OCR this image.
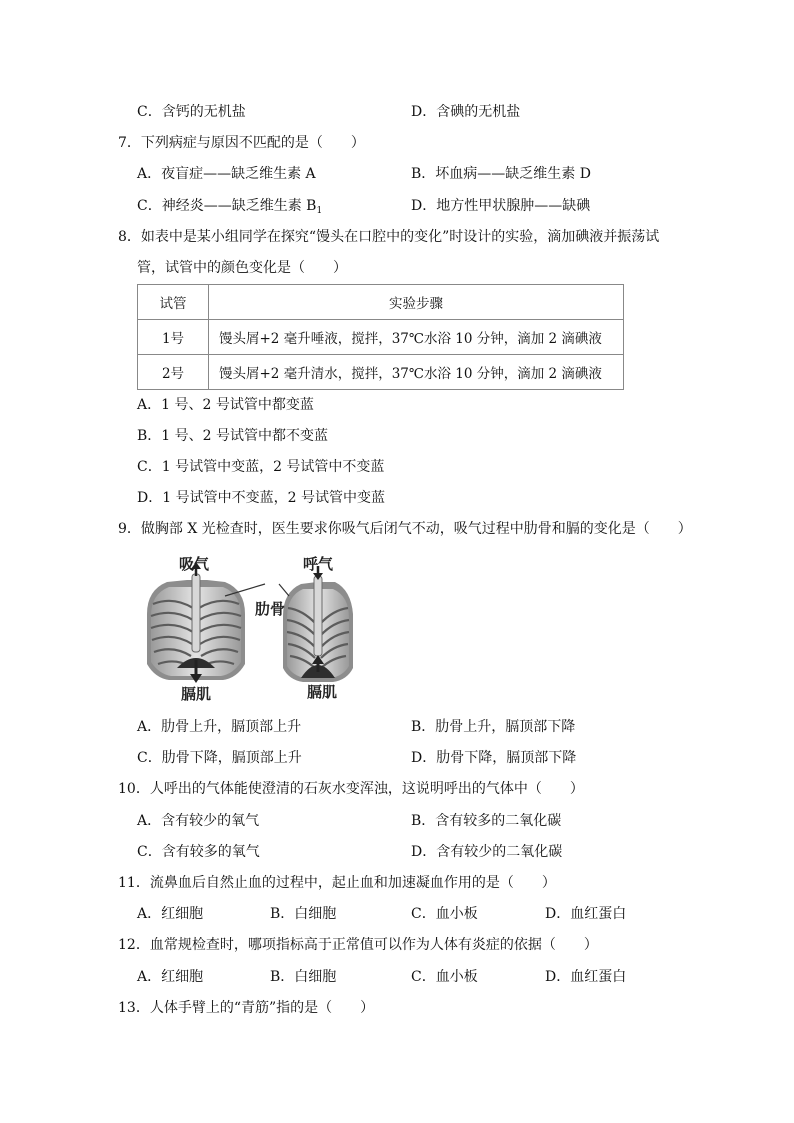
C．含钙的无机盐	D．含碘的无机盐
7．下列病症与原因不匹配的是（　　）
A．夜盲症——缺乏维生素 A	B．坏血病——缺乏维生素 D
C．神经炎——缺乏维生素 $B_1$	D．地方性甲状腺肿——缺碘
8．如表中是某小组同学在探究“馒头在口腔中的变化”时设计的实验，滴加碘液并振荡试
管，试管中的颜色变化是（　　）
试管	实验步骤
1号	馒头屑+2 毫升唾液，搅拌，37℃水浴 10 分钟，滴加 2 滴碘液
2号	馒头屑+2 毫升清水，搅拌，37℃水浴 10 分钟，滴加 2 滴碘液
A．1 号、2 号试管中都变蓝
B．1 号、2 号试管中都不变蓝
C．1 号试管中变蓝，2 号试管中不变蓝
D．1 号试管中不变蓝，2 号试管中变蓝
9．做胸部 X 光检查时，医生要求你吸气后闭气不动，吸气过程中肋骨和膈的变化是（　　）
吸气	呼气
肋骨
膈肌	膈肌
A．肋骨上升，膈顶部上升	B．肋骨上升，膈顶部下降
C．肋骨下降，膈顶部上升	D．肋骨下降，膈顶部下降
10．人呼出的气体能使澄清的石灰水变浑浊，这说明呼出的气体中（　　）
A．含有较少的氧气	B．含有较多的二氧化碳
C．含有较多的氧气	D．含有较少的二氧化碳
11．流鼻血后自然止血的过程中，起止血和加速凝血作用的是（　　）
A．红细胞	B．白细胞	C．血小板	D．血红蛋白
12．血常规检查时，哪项指标高于正常值可以作为人体有炎症的依据（　　）
A．红细胞	B．白细胞	C．血小板	D．血红蛋白
13．人体手臂上的“青筋”指的是（　　）
